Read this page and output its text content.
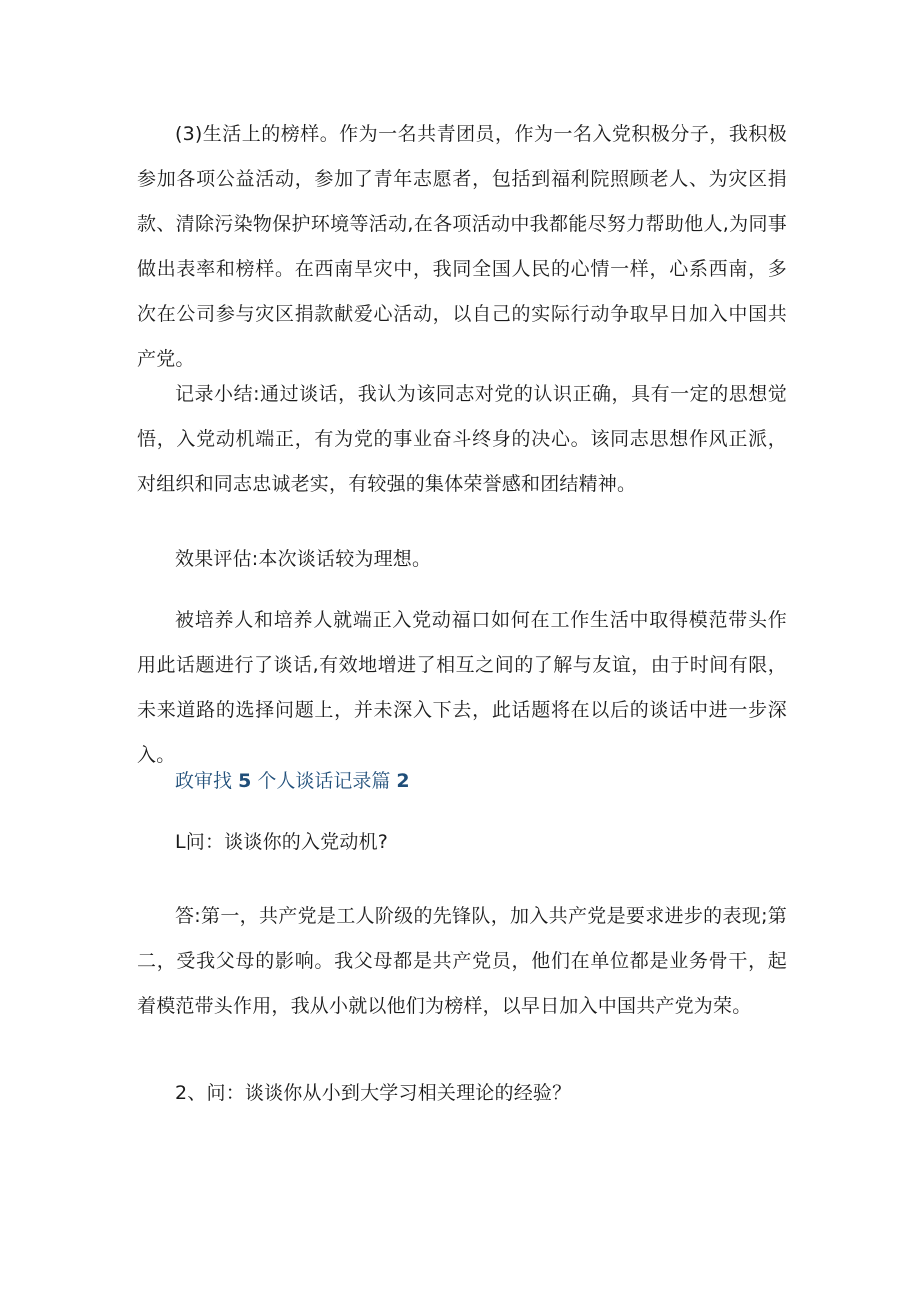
(3)生活上的榜样。作为一名共青团员，作为一名入党积极分子，我积极参加各项公益活动，参加了青年志愿者，包括到福利院照顾老人、为灾区捐款、清除污染物保护环境等活动,在各项活动中我都能尽努力帮助他人,为同事做出表率和榜样。在西南旱灾中，我同全国人民的心情一样，心系西南，多次在公司参与灾区捐款献爱心活动，以自己的实际行动争取早日加入中国共产党。

记录小结:通过谈话，我认为该同志对党的认识正确，具有一定的思想觉悟，入党动机端正，有为党的事业奋斗终身的决心。该同志思想作风正派，对组织和同志忠诚老实，有较强的集体荣誉感和团结精神。

效果评估:本次谈话较为理想。

被培养人和培养人就端正入党动福口如何在工作生活中取得模范带头作用此话题进行了谈话,有效地增进了相互之间的了解与友谊，由于时间有限，未来道路的选择问题上，并未深入下去，此话题将在以后的谈话中进一步深入。

政审找 5 个人谈话记录篇 2

L问：谈谈你的入党动机?

答:第一，共产党是工人阶级的先锋队，加入共产党是要求进步的表现;第二，受我父母的影响。我父母都是共产党员，他们在单位都是业务骨干，起着模范带头作用，我从小就以他们为榜样，以早日加入中国共产党为荣。

2、问：谈谈你从小到大学习相关理论的经验？
